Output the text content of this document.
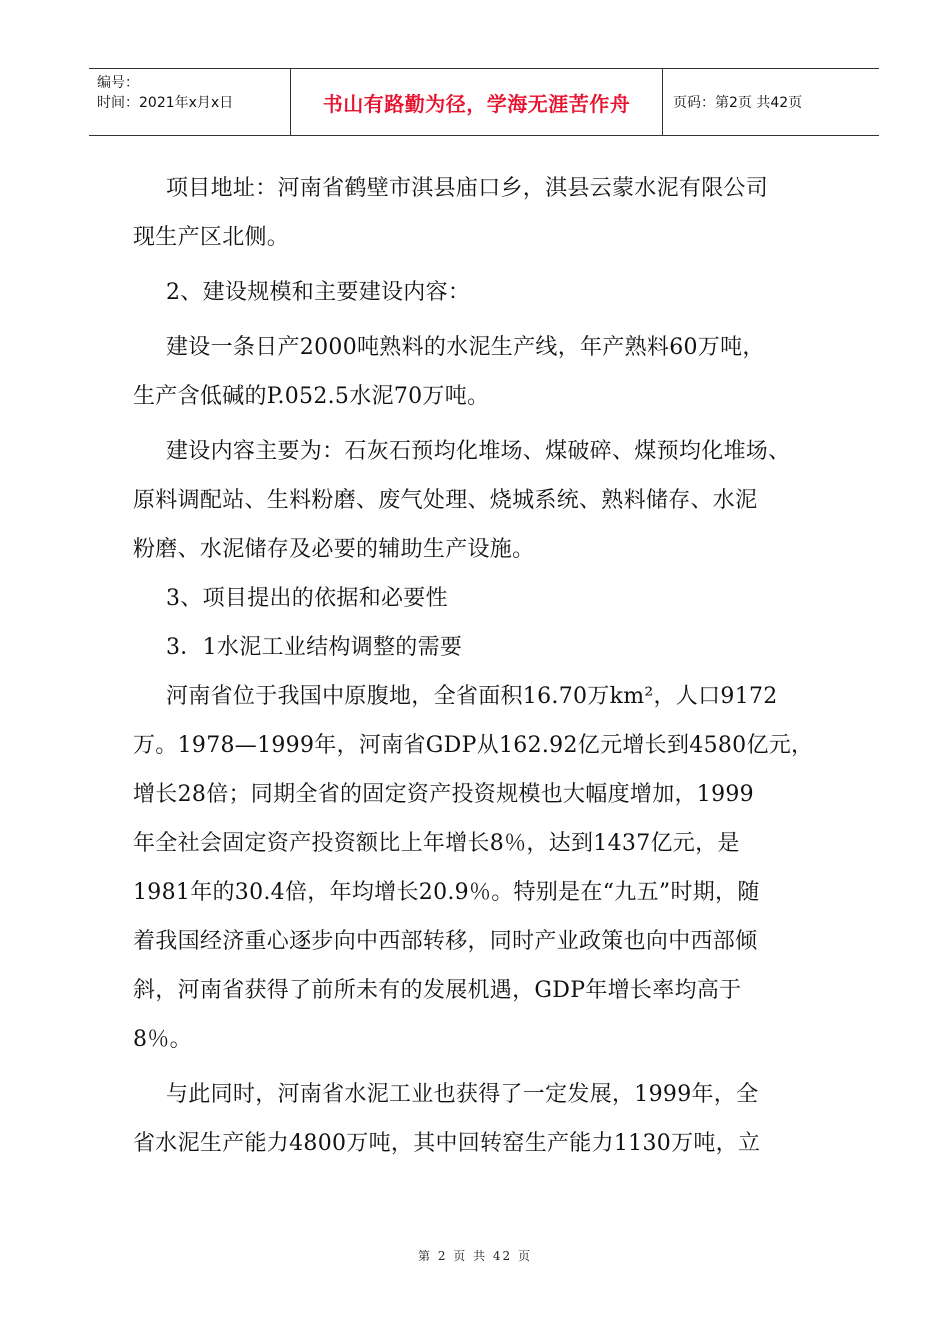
编号：
时间：2021年x月x日	书山有路勤为径，学海无涯苦作舟	页码：第2页 共42页

项目地址：河南省鹤壁市淇县庙口乡，淇县云蒙水泥有限公司

现生产区北侧。

2、建设规模和主要建设内容：

建设一条日产2000吨熟料的水泥生产线，年产熟料60万吨，

生产含低碱的P.052.5水泥70万吨。

建设内容主要为：石灰石预均化堆场、煤破碎、煤预均化堆场、

原料调配站、生料粉磨、废气处理、烧城系统、熟料储存、水泥

粉磨、水泥储存及必要的辅助生产设施。

3、项目提出的依据和必要性

3．1水泥工业结构调整的需要

河南省位于我国中原腹地，全省面积16.70万km²，人口9172

万。1978—1999年，河南省GDP从162.92亿元增长到4580亿元，

增长28倍；同期全省的固定资产投资规模也大幅度增加，1999

年全社会固定资产投资额比上年增长8％，达到1437亿元，是

1981年的30.4倍，年均增长20.9％。特别是在“九五”时期，随

着我国经济重心逐步向中西部转移，同时产业政策也向中西部倾

斜，河南省获得了前所未有的发展机遇，GDP年增长率均高于

8％。

与此同时，河南省水泥工业也获得了一定发展，1999年，全

省水泥生产能力4800万吨，其中回转窑生产能力1130万吨，立

第 2 页 共 42 页
